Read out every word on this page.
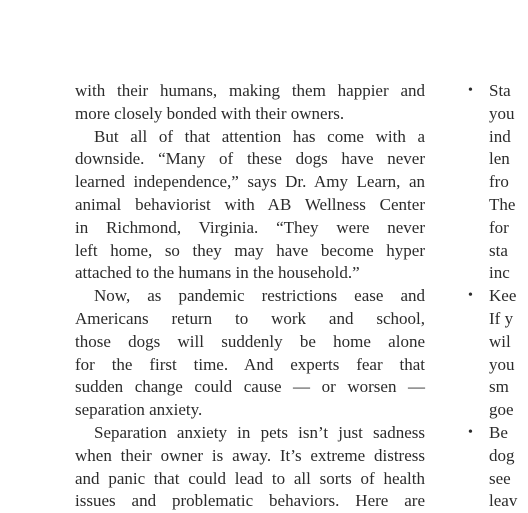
with their humans, making them happier and
more closely bonded with their owners.
But all of that attention has come with a
downside. “Many of these dogs have never
learned independence,” says Dr. Amy Learn, an
animal behaviorist with AB Wellness Center
in Richmond, Virginia. “They were never
left home, so they may have become hyper
attached to the humans in the household.”
Now, as pandemic restrictions ease and
Americans return to work and school,
those dogs will suddenly be home alone
for the first time. And experts fear that
sudden change could cause — or worsen —
separation anxiety.
Separation anxiety in pets isn’t just sadness
when their owner is away. It’s extreme distress
and panic that could lead to all sorts of health
issues and problematic behaviors. Here are
• Sta
you
ind
len
fro
The
for
sta
inc
• Kee
If y
wil
you
sm
goe
• Be
dog
see
leav
